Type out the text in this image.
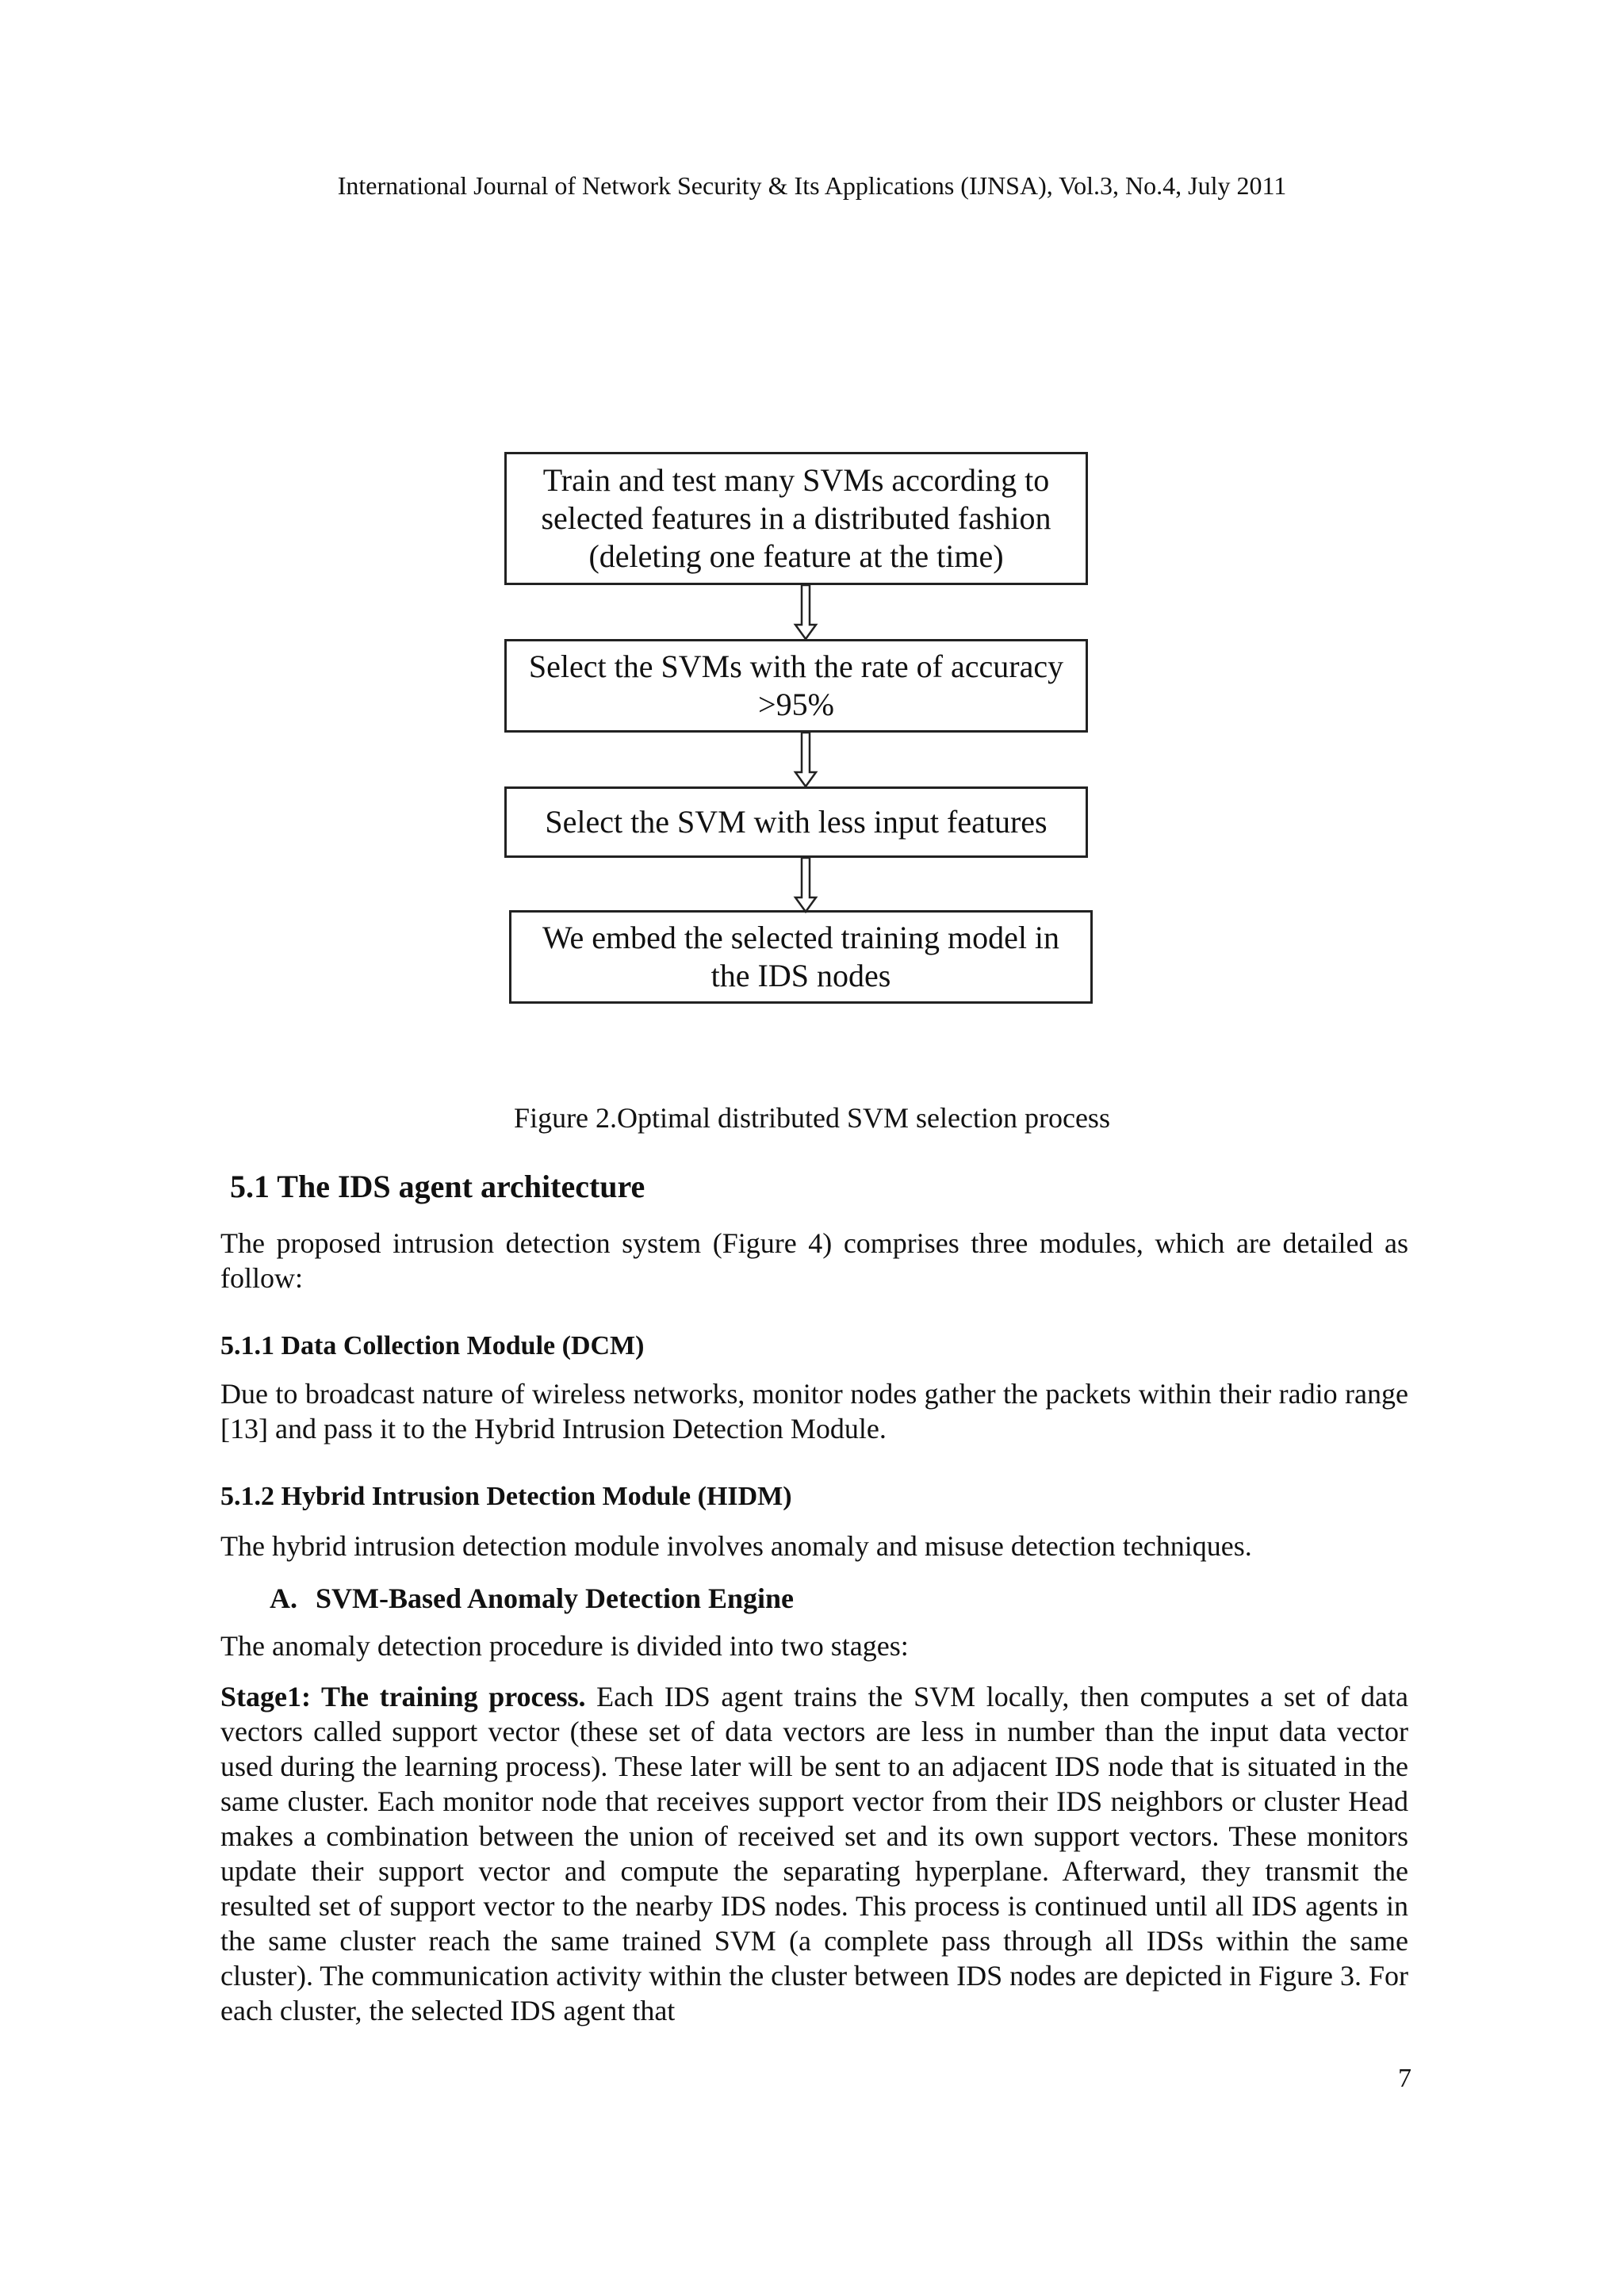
International Journal of Network Security & Its Applications (IJNSA), Vol.3, No.4, July 2011
Train and test many SVMs according to selected features in a distributed fashion (deleting one feature at the time)
Select the SVMs with the rate of accuracy >95%
Select the SVM with less input features
We embed the selected training model in the IDS nodes
Figure 2.Optimal distributed SVM selection process
5.1 The IDS agent architecture

The proposed intrusion detection system (Figure 4) comprises three modules, which are detailed as follow:

5.1.1 Data Collection Module (DCM)

Due to broadcast nature of wireless networks, monitor nodes gather the packets within their radio range [13] and pass it to the Hybrid Intrusion Detection Module.

5.1.2 Hybrid Intrusion Detection Module (HIDM)

The hybrid intrusion detection module involves anomaly and misuse detection techniques.

A. SVM-Based Anomaly Detection Engine

The anomaly detection procedure is divided into two stages:

Stage1: The training process. Each IDS agent trains the SVM locally, then computes a set of data vectors called support vector (these set of data vectors are less in number than the input data vector used during the learning process). These later will be sent to an adjacent IDS node that is situated in the same cluster. Each monitor node that receives support vector from their IDS neighbors or cluster Head makes a combination between the union of received set and its own support vectors. These monitors update their support vector and compute the separating hyperplane. Afterward, they transmit the resulted set of support vector to the nearby IDS nodes. This process is continued until all IDS agents in the same cluster reach the same trained SVM (a complete pass through all IDSs within the same cluster). The communication activity within the cluster between IDS nodes are depicted in Figure 3. For each cluster, the selected IDS agent that

7
